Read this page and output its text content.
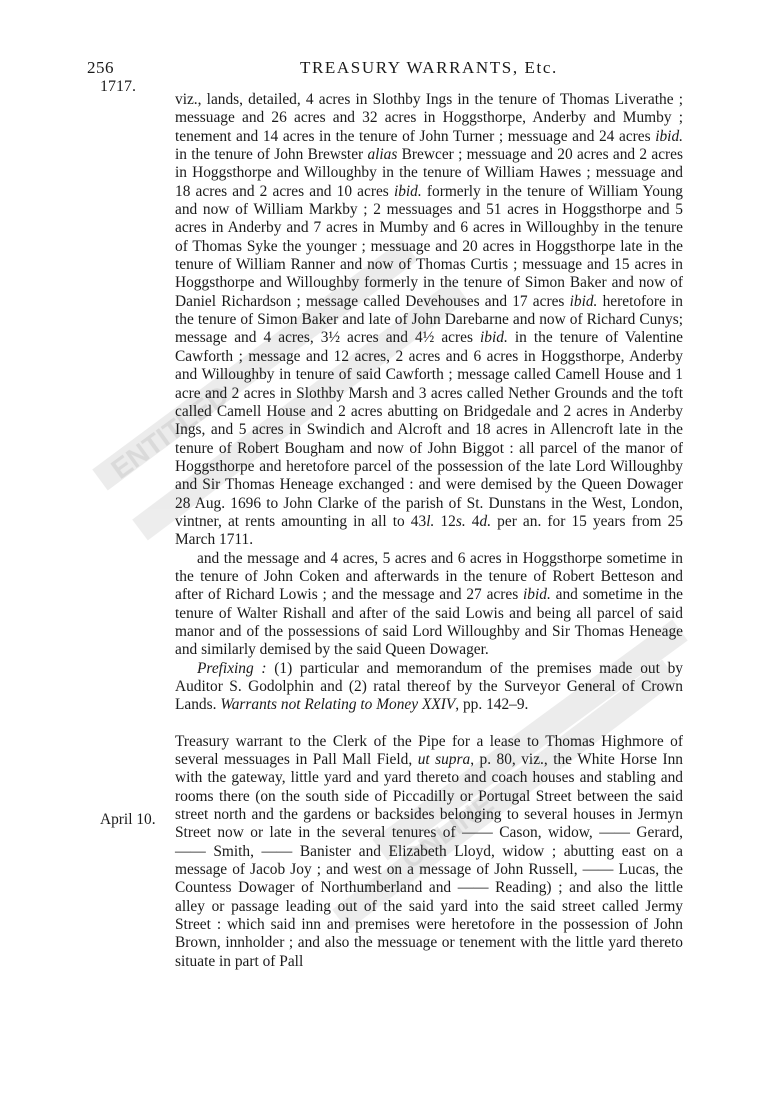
ENTITLED
ONLINE
256	TREASURY WARRANTS, Etc.
1717.

viz., lands, detailed, 4 acres in Slothby Ings in the tenure of Thomas Liverathe ; messuage and 26 acres and 32 acres in Hoggsthorpe, Anderby and Mumby ; tenement and 14 acres in the tenure of John Turner ; messuage and 24 acres ibid. in the tenure of John Brewster alias Brewcer ; messuage and 20 acres and 2 acres in Hoggsthorpe and Willoughby in the tenure of William Hawes ; messuage and 18 acres and 2 acres and 10 acres ibid. formerly in the tenure of William Young and now of William Markby ; 2 messuages and 51 acres in Hoggsthorpe and 5 acres in Anderby and 7 acres in Mumby and 6 acres in Willoughby in the tenure of Thomas Syke the younger ; messuage and 20 acres in Hoggsthorpe late in the tenure of William Ranner and now of Thomas Curtis ; messuage and 15 acres in Hoggsthorpe and Willoughby formerly in the tenure of Simon Baker and now of Daniel Richardson ; message called Devehouses and 17 acres ibid. heretofore in the tenure of Simon Baker and late of John Darebarne and now of Richard Cunys; message and 4 acres, 3½ acres and 4½ acres ibid. in the tenure of Valentine Cawforth ; message and 12 acres, 2 acres and 6 acres in Hoggsthorpe, Anderby and Willoughby in tenure of said Cawforth ; message called Camell House and 1 acre and 2 acres in Slothby Marsh and 3 acres called Nether Grounds and the toft called Camell House and 2 acres abutting on Bridgedale and 2 acres in Anderby Ings, and 5 acres in Swindich and Alcroft and 18 acres in Allencroft late in the tenure of Robert Bougham and now of John Biggot : all parcel of the manor of Hoggsthorpe and heretofore parcel of the possession of the late Lord Willoughby and Sir Thomas Heneage exchanged : and were demised by the Queen Dowager 28 Aug. 1696 to John Clarke of the parish of St. Dunstans in the West, London, vintner, at rents amounting in all to 43l. 12s. 4d. per an. for 15 years from 25 March 1711.

and the message and 4 acres, 5 acres and 6 acres in Hoggsthorpe sometime in the tenure of John Coken and afterwards in the tenure of Robert Betteson and after of Richard Lowis ; and the message and 27 acres ibid. and sometime in the tenure of Walter Rishall and after of the said Lowis and being all parcel of said manor and of the possessions of said Lord Willoughby and Sir Thomas Heneage and similarly demised by the said Queen Dowager.

Prefixing : (1) particular and memorandum of the premises made out by Auditor S. Godolphin and (2) ratal thereof by the Surveyor General of Crown Lands. Warrants not Relating to Money XXIV, pp. 142–9.

Treasury warrant to the Clerk of the Pipe for a lease to Thomas Highmore of several messuages in Pall Mall Field, ut supra, p. 80, viz., the White Horse Inn with the gateway, little yard and yard thereto and coach houses and stabling and rooms there (on the south side of Piccadilly or Portugal Street between the said street north and the gardens or backsides belonging to several houses in Jermyn Street now or late in the several tenures of —— Cason, widow, —— Gerard, —— Smith, —— Banister and Elizabeth Lloyd, widow ; abutting east on a message of Jacob Joy ; and west on a message of John Russell, —— Lucas, the Countess Dowager of Northumberland and —— Reading) ; and also the little alley or passage leading out of the said yard into the said street called Jermy Street : which said inn and premises were heretofore in the possession of John Brown, innholder ; and also the messuage or tenement with the little yard thereto situate in part of Pall

April 10.
